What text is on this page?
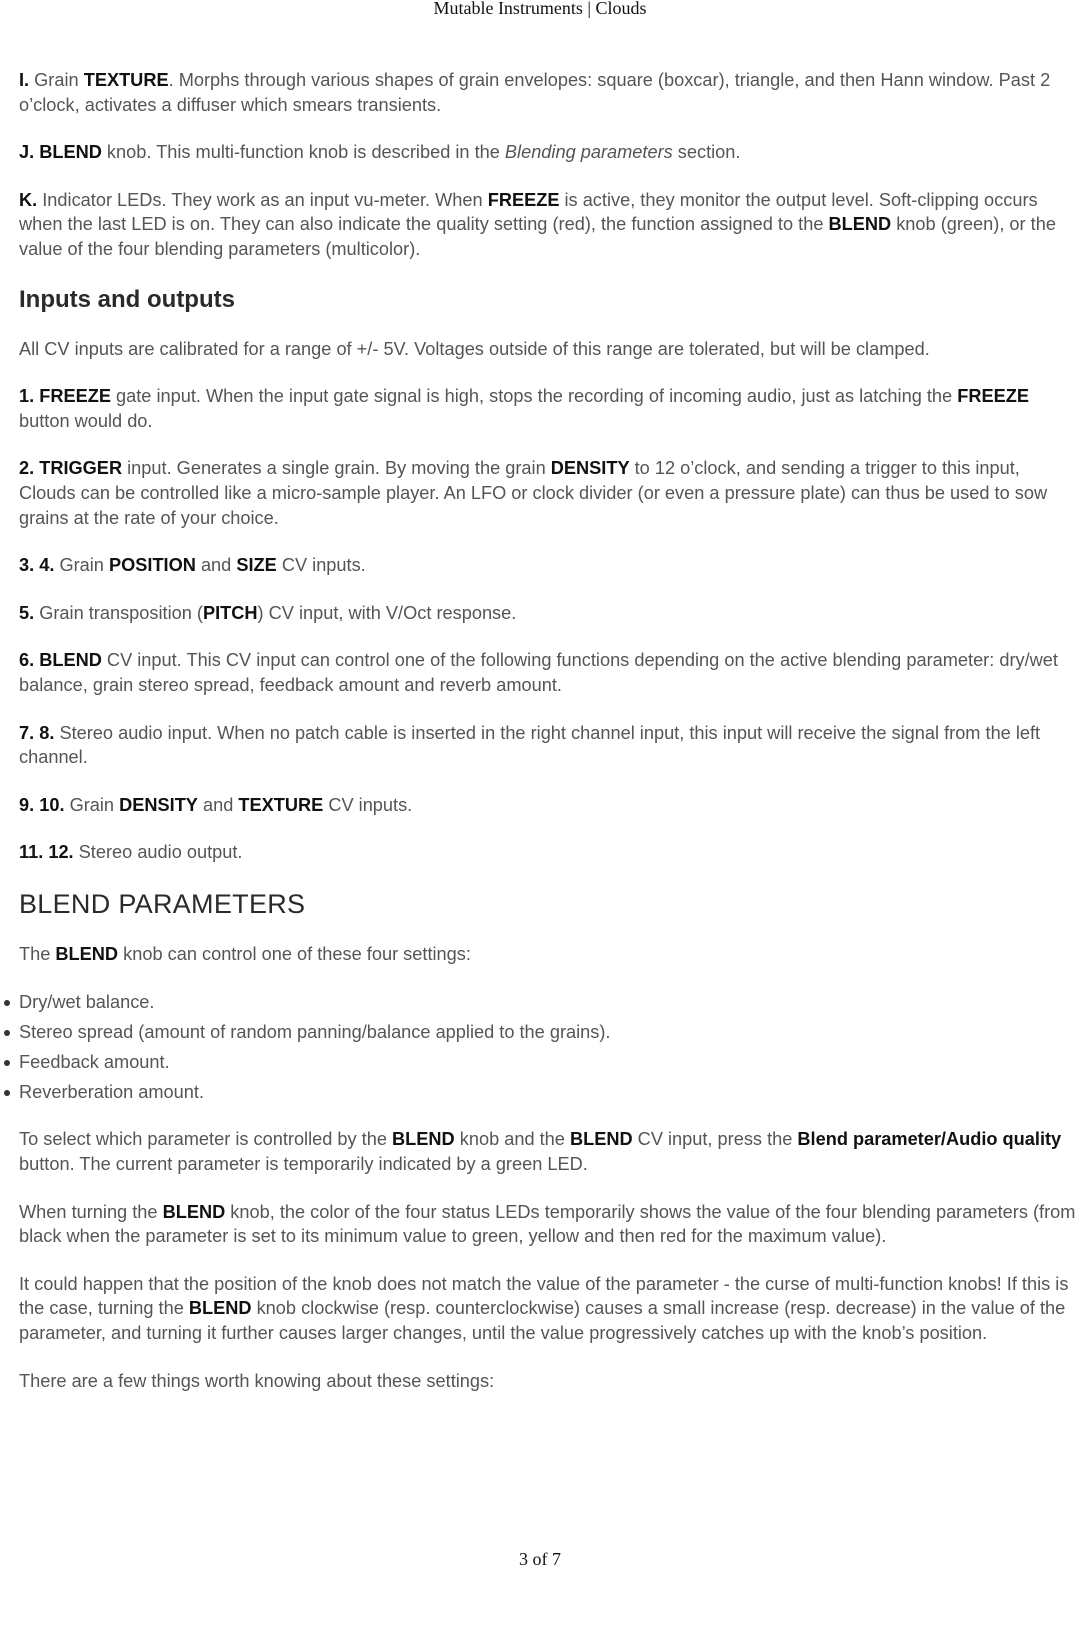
Mutable Instruments | Clouds

I. Grain TEXTURE. Morphs through various shapes of grain envelopes: square (boxcar), triangle, and then Hann window. Past 2 o’clock, activates a diffuser which smears transients.

J. BLEND knob. This multi-function knob is described in the Blending parameters section.

K. Indicator LEDs. They work as an input vu-meter. When FREEZE is active, they monitor the output level. Soft-clipping occurs when the last LED is on. They can also indicate the quality setting (red), the function assigned to the BLEND knob (green), or the value of the four blending parameters (multicolor).

Inputs and outputs

All CV inputs are calibrated for a range of +/- 5V. Voltages outside of this range are tolerated, but will be clamped.

1. FREEZE gate input. When the input gate signal is high, stops the recording of incoming audio, just as latching the FREEZE button would do.

2. TRIGGER input. Generates a single grain. By moving the grain DENSITY to 12 o’clock, and sending a trigger to this input, Clouds can be controlled like a micro-sample player. An LFO or clock divider (or even a pressure plate) can thus be used to sow grains at the rate of your choice.

3. 4. Grain POSITION and SIZE CV inputs.

5. Grain transposition (PITCH) CV input, with V/Oct response.

6. BLEND CV input. This CV input can control one of the following functions depending on the active blending parameter: dry/wet balance, grain stereo spread, feedback amount and reverb amount.

7. 8. Stereo audio input. When no patch cable is inserted in the right channel input, this input will receive the signal from the left channel.

9. 10. Grain DENSITY and TEXTURE CV inputs.

11. 12. Stereo audio output.

BLEND PARAMETERS

The BLEND knob can control one of these four settings:

Dry/wet balance.
Stereo spread (amount of random panning/balance applied to the grains).
Feedback amount.
Reverberation amount.

To select which parameter is controlled by the BLEND knob and the BLEND CV input, press the Blend parameter/Audio quality button. The current parameter is temporarily indicated by a green LED.

When turning the BLEND knob, the color of the four status LEDs temporarily shows the value of the four blending parameters (from black when the parameter is set to its minimum value to green, yellow and then red for the maximum value).

It could happen that the position of the knob does not match the value of the parameter - the curse of multi-function knobs! If this is the case, turning the BLEND knob clockwise (resp. counterclockwise) causes a small increase (resp. decrease) in the value of the parameter, and turning it further causes larger changes, until the value progressively catches up with the knob’s position.

There are a few things worth knowing about these settings:

3 of 7
